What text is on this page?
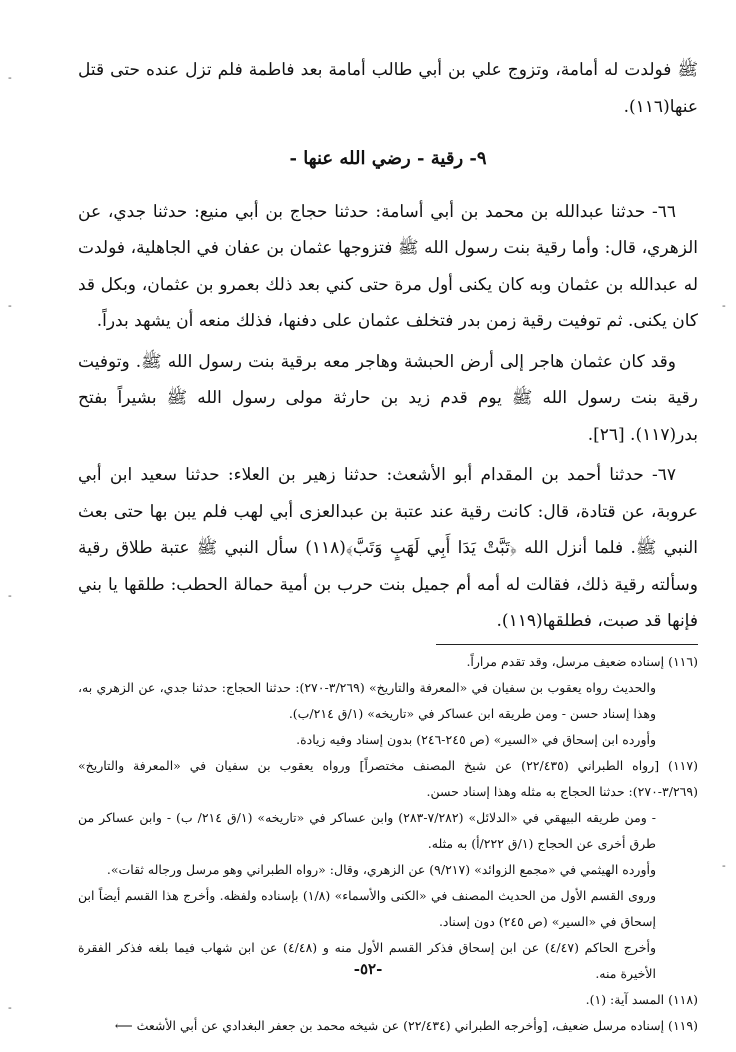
ﷺ فولدت له أمامة، وتزوج علي بن أبي طالب أمامة بعد فاطمة فلم تزل عنده حتى قتل عنها(١١٦).

٩- رقية - رضي الله عنها -

٦٦- حدثنا عبدالله بن محمد بن أبي أسامة: حدثنا حجاج بن أبي منيع: حدثنا جدي، عن الزهري، قال: وأما رقية بنت رسول الله ﷺ فتزوجها عثمان بن عفان في الجاهلية، فولدت له عبدالله بن عثمان وبه كان يكنى أول مرة حتى كني بعد ذلك بعمرو بن عثمان، وبكل قد كان يكنى. ثم توفيت رقية زمن بدر فتخلف عثمان على دفنها، فذلك منعه أن يشهد بدراً.

وقد كان عثمان هاجر إلى أرض الحبشة وهاجر معه برقية بنت رسول الله ﷺ. وتوفيت رقية بنت رسول الله ﷺ يوم قدم زيد بن حارثة مولى رسول الله ﷺ بشيراً بفتح بدر(١١٧). [٢٦].

٦٧- حدثنا أحمد بن المقدام أبو الأشعث: حدثنا زهير بن العلاء: حدثنا سعيد ابن أبي عروبة، عن قتادة، قال: كانت رقية عند عتبة بن عبدالعزى أبي لهب فلم يبن بها حتى بعث النبي ﷺ. فلما أنزل الله ﴿تَبَّتْ يَدَا أَبِي لَهَبٍ وَتَبَّ﴾(١١٨) سأل النبي ﷺ عتبة طلاق رقية وسألته رقية ذلك، فقالت له أمه أم جميل بنت حرب بن أمية حمالة الحطب: طلقها يا بني فإنها قد صبت، فطلقها(١١٩).

(١١٦) إسناده ضعيف مرسل، وقد تقدم مراراً.

والحديث رواه يعقوب بن سفيان في «المعرفة والتاريخ» (٣/٢٦٩-٢٧٠): حدثنا الحجاج: حدثنا جدي، عن الزهري به، وهذا إسناد حسن - ومن طريقه ابن عساكر في «تاريخه» (١/ق ٢١٤/ب).

وأورده ابن إسحاق في «السير» (ص ٢٤٥-٢٤٦) بدون إسناد وفيه زيادة.

(١١٧) [رواه الطبراني (٢٢/٤٣٥) عن شيخ المصنف مختصراً] ورواه يعقوب بن سفيان في «المعرفة والتاريخ» (٣/٢٦٩-٢٧٠): حدثنا الحجاج به مثله وهذا إسناد حسن.

- ومن طريقه البيهقي في «الدلائل» (٧/٢٨٢-٢٨٣) وابن عساكر في «تاريخه» (١/ق ٢١٤/ ب) - وابن عساكر من طرق أخرى عن الحجاج (١/ق ٢٢٢/أ) به مثله.

وأورده الهيثمي في «مجمع الزوائد» (٩/٢١٧) عن الزهري، وقال: «رواه الطبراني وهو مرسل ورجاله ثقات».

وروى القسم الأول من الحديث المصنف في «الكنى والأسماء» (١/٨) بإسناده ولفظه. وأخرج هذا القسم أيضاً ابن إسحاق في «السير» (ص ٢٤٥) دون إسناد.

وأخرج الحاكم (٤/٤٧) عن ابن إسحاق فذكر القسم الأول منه و (٤/٤٨) عن ابن شهاب فيما بلغه فذكر الفقرة الأخيرة منه.

(١١٨) المسد آية: (١).

(١١٩) إسناده مرسل ضعيف، [وأخرجه الطبراني (٢٢/٤٣٤) عن شيخه محمد بن جعفر البغدادي عن أبي الأشعث ⟵

-٥٢-
-
-
-
-
-
-
